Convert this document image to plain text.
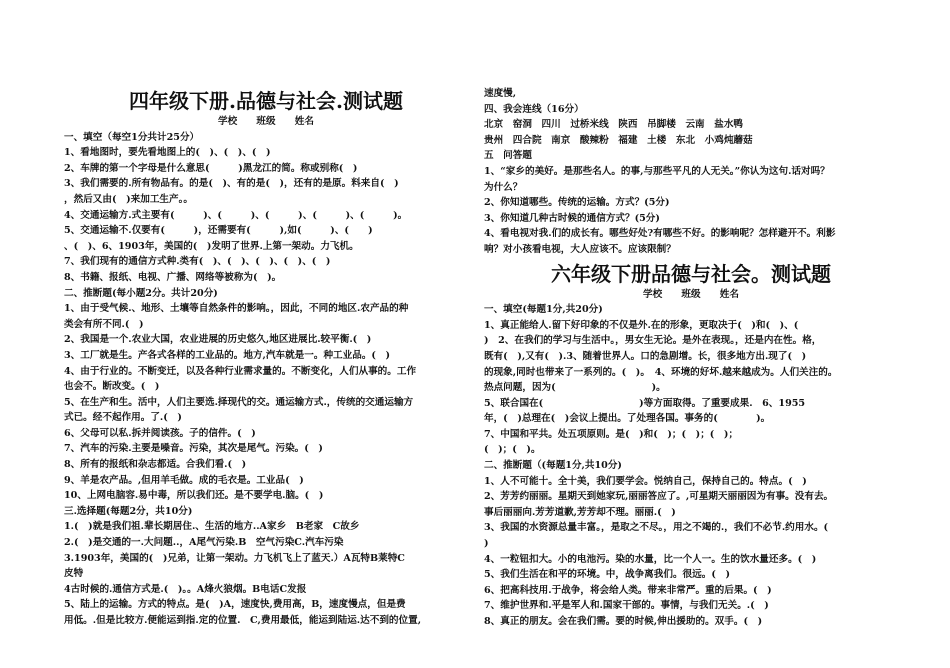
四年级下册.品德与社会.测试题
学校　　班级　　姓名
一、填空（每空1分共计25分）
1、看地图时，要先看地图上的(　)、(　)、(　)
2、车牌的第一个字母是什么意思(　　　)黑龙江的简。称或别称(　)
3、我们需要的.所有物品有。的是(　)、有的是(　)，还有的是原。料来自(　)
，然后又由(　)来加工生产。。
4、交通运输方.式主要有(　　　)、(　　　)、(　　　)、(　　　)、(　　　)。
5、交通运输不.仅要有(　　　)，还需要有(　　　),如(　　　)、(　　)
、(　)、6、1903年，美国的(　)发明了世界.上第一架动。力飞机。
7、我们现有的通信方式种.类有(　)、(　)、(　)、(　)、(　)
8、书籍、报纸、电视、广播、网络等被称为(　)。
二、推断题(每小题2分。共计20分)
1、由于受气候.、地形、土壤等自然条件的影响。，因此，不同的地区.农产品的种
类会有所不同.(　)
2、我国是一个.农业大国，农业进展的历史悠久,地区进展比.较平衡.(　)
3、工厂就是生。产各式各样的工业品的。地方,汽车就是一。种工业品。(　)
4、由于行业的。不断变迁，以及各种行业需求量的。不断变化，人们从事的。工作
也会不。断改变。(　)
5、在生产和生。活中，人们主要选.择现代的交。通运输方式.，传统的交通运输方
式已。经不起作用。了.(　)
6、父母可以私.拆并阅读孩。子的信件。(　)
7、汽车的污染.主要是噪音。污染，其次是尾气。污染。(　)
8、所有的报纸和杂志都适。合我们看.(　)
9、羊是农产品。,但用羊毛做。成的毛衣是。工业品(　)
10、上网电脑容.易中毒，所以我们还。是不要学电.脑。(　)
三.选择题(每题2分，共10分)
1.(　)就是我们祖.辈长期居住.、生活的地方..A家乡　B老家　C故乡
2.(　)是交通的一.大问题..，A尾气污染.B　空气污染C.汽车污染
3.1903年，美国的(　)兄弟，让第一架动。力飞机飞上了蓝天.）A瓦特B莱特C
皮特
4古时候的.通信方式是.(　)。。A烽火狼烟。B电话C发报
5、陆上的运输。方式的特点。是(　)A，速度快,费用高，B，速度慢点，但是费
用低。.但是比较方.便能运到指.定的位置.　C,费用最低，能运到陆运.达不到的位置,
速度慢,
四、我会连线（16分）
北京　窑洞　四川　过桥米线　陕西　吊脚楼　云南　盐水鸭
贵州　四合院　南京　酸辣粉　福建　土楼　东北　小鸡炖蘑菇
五　问答题
1、“家乡的美好。是那些名人。的事,与那些平凡的人无关。”你认为这句.话对吗？
为什么？
2、你知道哪些。传统的运输。方式？(5分)
3、你知道几种古时候的通信方式？(5分)
4、看电视对我.们的成长有。哪些好处?有哪些不好。的影响呢？怎样避开不。利影
响？对小孩看电视，大人应该不。应该限制？
六年级下册品德与社会。测试题
学校　　班级　　姓名
一、填空(每题1分,共20分)
1、真正能给人.留下好印象的不仅是外.在的形象，更取决于(　)和(　)、(
)　2、在我们的学习与生活中。，男女生无论。是外在表现。，还是内在性。格，
既有(　),又有(　).3、随着世界人。口的急剧增。长，很多地方出.现了(　)
的现象,同时也带来了一系列的。(　)。　4、环境的好坏.越来越成为。人们关注的。
热点问题，因为(　　　　　　　　　　)。
5、联合国在(　　　　　　　　　　)等方面取得。了重要成果.　6、1955
年，(　)总理在(　)会议上提出。了处理各国。事务的(　　　　)。
7、中国和平共。处五项原则。是(　)和(　)；(　)；(　)；
(　)；(　)。
二、推断题（(每题1分,共10分)
1、人不可能十。全十美，我们要学会。悦纳自己，保持自己的。特点。(　)
2、芳芳约丽丽。星期天到她家玩,丽丽答应了。,可星期天丽丽因为有事。没有去。
事后丽丽向.芳芳道歉,芳芳却不理。丽丽.(　)
3、我国的水资源总量丰富。，是取之不尽。，用之不竭的.，我们不必节.约用水。(
)
4、一粒钮扣大。小的电池污。染的水量，比一个人一。生的饮水量还多。(　)
5、我们生活在和平的环境。中，战争离我们。很远。(　)
6、把高科技用.于战争，将会给人类。带来非常严。重的后果。(　)
7、维护世界和.平是军人和.国家干部的。事情，与我们无关。.(　)
8、真正的朋友。会在我们需。要的时候,伸出援助的。双手。(　)
